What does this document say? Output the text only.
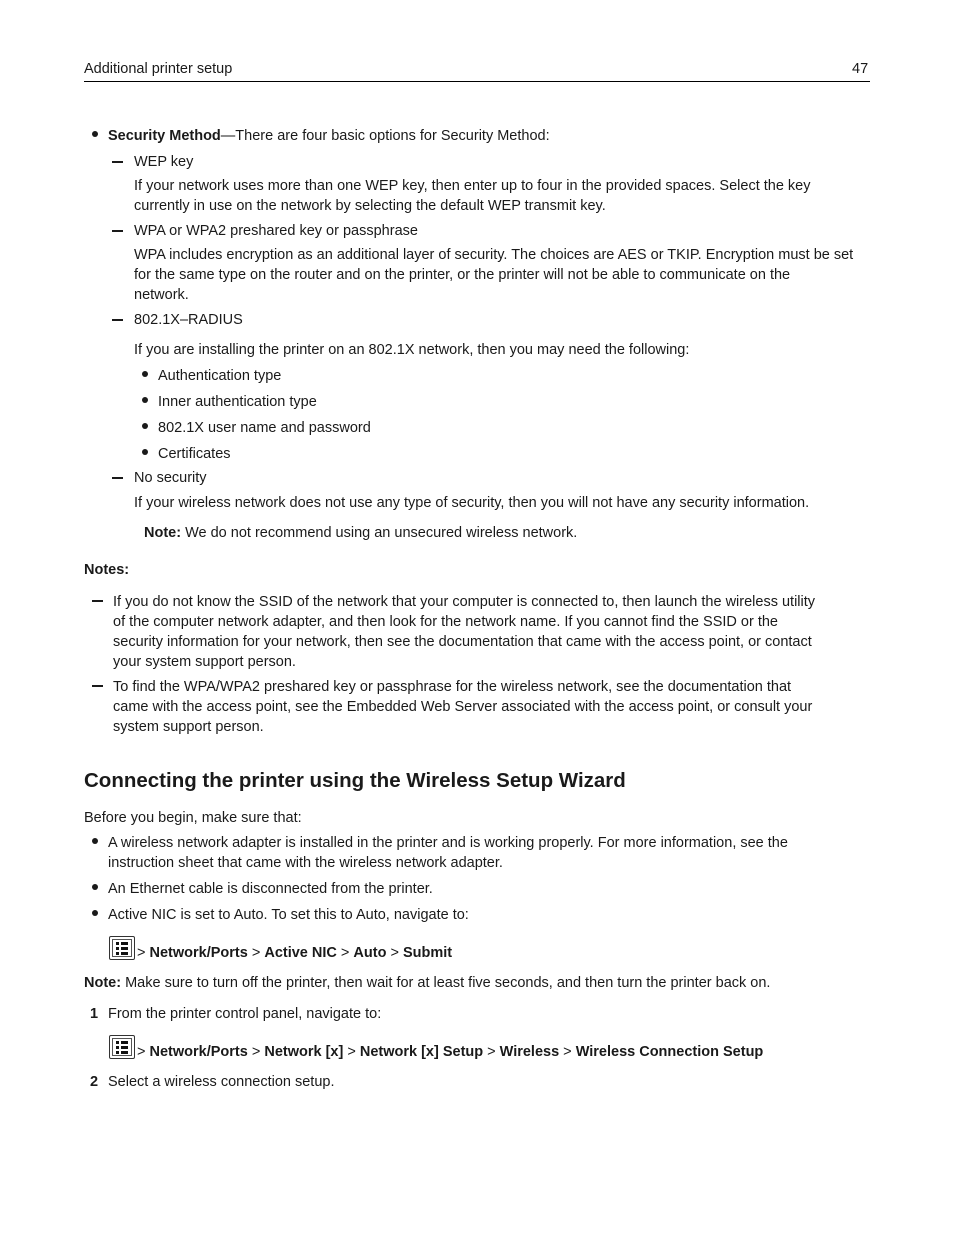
Additional printer setup	47
Security Method—There are four basic options for Security Method:
WEP key
If your network uses more than one WEP key, then enter up to four in the provided spaces. Select the key
currently in use on the network by selecting the default WEP transmit key.
WPA or WPA2 preshared key or passphrase
WPA includes encryption as an additional layer of security. The choices are AES or TKIP. Encryption must be set
for the same type on the router and on the printer, or the printer will not be able to communicate on the
network.
802.1X–RADIUS
If you are installing the printer on an 802.1X network, then you may need the following:
Authentication type
Inner authentication type
802.1X user name and password
Certificates
No security
If your wireless network does not use any type of security, then you will not have any security information.
Note: We do not recommend using an unsecured wireless network.
Notes:
If you do not know the SSID of the network that your computer is connected to, then launch the wireless utility
of the computer network adapter, and then look for the network name. If you cannot find the SSID or the
security information for your network, then see the documentation that came with the access point, or contact
your system support person.
To find the WPA/WPA2 preshared key or passphrase for the wireless network, see the documentation that
came with the access point, see the Embedded Web Server associated with the access point, or consult your
system support person.
Connecting the printer using the Wireless Setup Wizard
Before you begin, make sure that:
A wireless network adapter is installed in the printer and is working properly. For more information, see the
instruction sheet that came with the wireless network adapter.
An Ethernet cable is disconnected from the printer.
Active NIC is set to Auto. To set this to Auto, navigate to:
> Network/Ports > Active NIC > Auto > Submit
Note: Make sure to turn off the printer, then wait for at least five seconds, and then turn the printer back on.
1 From the printer control panel, navigate to:
> Network/Ports > Network [x] > Network [x] Setup > Wireless > Wireless Connection Setup
2 Select a wireless connection setup.
